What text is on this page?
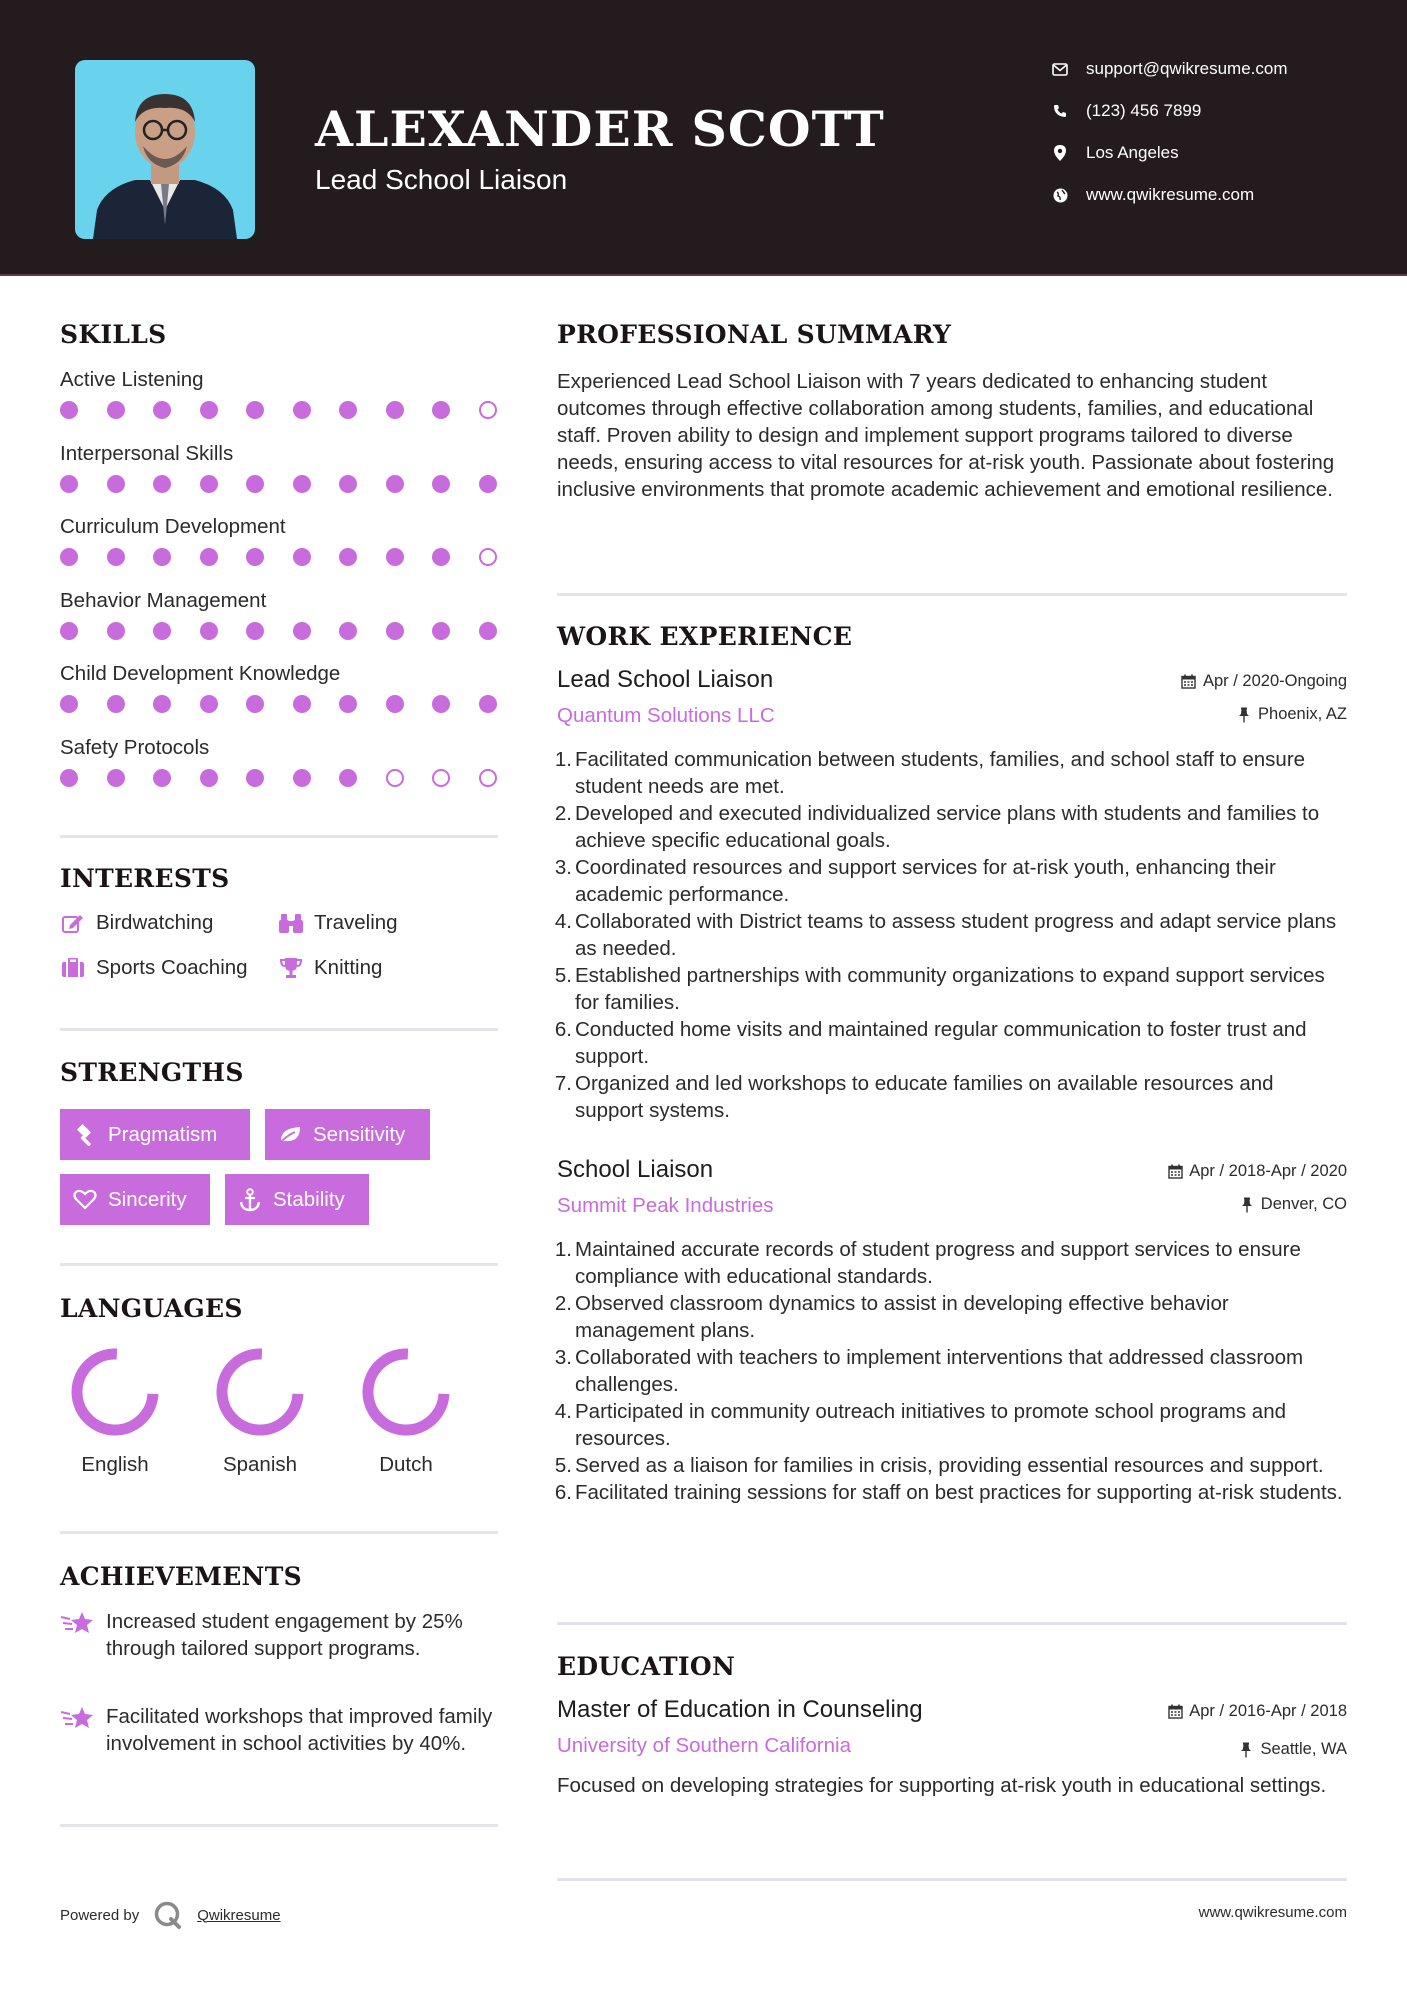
ALEXANDER SCOTT
Lead School Liaison
support@qwikresume.com
(123) 456 7899
Los Angeles
www.qwikresume.com
SKILLS
Active Listening
Interpersonal Skills
Curriculum Development
Behavior Management
Child Development Knowledge
Safety Protocols
INTERESTS
Birdwatching	Traveling
Sports Coaching	Knitting
STRENGTHS
Pragmatism	Sensitivity
Sincerity	Stability
LANGUAGES
English	Spanish	Dutch
ACHIEVEMENTS
Increased student engagement by 25% through tailored support programs.
Facilitated workshops that improved family involvement in school activities by 40%.
PROFESSIONAL SUMMARY
Experienced Lead School Liaison with 7 years dedicated to enhancing student outcomes through effective collaboration among students, families, and educational staff. Proven ability to design and implement support programs tailored to diverse needs, ensuring access to vital resources for at-risk youth. Passionate about fostering inclusive environments that promote academic achievement and emotional resilience.
WORK EXPERIENCE
Lead School Liaison	Apr / 2020-Ongoing
Quantum Solutions LLC	Phoenix, AZ
1. Facilitated communication between students, families, and school staff to ensure student needs are met.
2. Developed and executed individualized service plans with students and families to achieve specific educational goals.
3. Coordinated resources and support services for at-risk youth, enhancing their academic performance.
4. Collaborated with District teams to assess student progress and adapt service plans as needed.
5. Established partnerships with community organizations to expand support services for families.
6. Conducted home visits and maintained regular communication to foster trust and support.
7. Organized and led workshops to educate families on available resources and support systems.
School Liaison	Apr / 2018-Apr / 2020
Summit Peak Industries	Denver, CO
1. Maintained accurate records of student progress and support services to ensure compliance with educational standards.
2. Observed classroom dynamics to assist in developing effective behavior management plans.
3. Collaborated with teachers to implement interventions that addressed classroom challenges.
4. Participated in community outreach initiatives to promote school programs and resources.
5. Served as a liaison for families in crisis, providing essential resources and support.
6. Facilitated training sessions for staff on best practices for supporting at-risk students.
EDUCATION
Master of Education in Counseling	Apr / 2016-Apr / 2018
University of Southern California	Seattle, WA
Focused on developing strategies for supporting at-risk youth in educational settings.
Powered by	Qwikresume	www.qwikresume.com
